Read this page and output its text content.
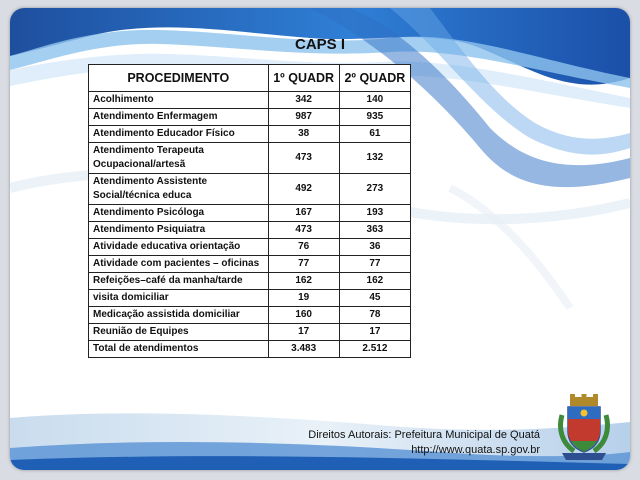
CAPS I
PROCEDIMENTO	1º QUADR	2º QUADR
Acolhimento	342	140
Atendimento Enfermagem	987	935
Atendimento Educador Físico	38	61
Atendimento Terapeuta Ocupacional/artesã	473	132
Atendimento Assistente Social/técnica educa	492	273
Atendimento Psicóloga	167	193
Atendimento Psiquiatra	473	363
Atividade educativa orientação	76	36
Atividade com pacientes – oficinas	77	77
Refeições–café da manha/tarde	162	162
visita domiciliar	19	45
Medicação assistida domiciliar	160	78
Reunião de Equipes	17	17
Total de atendimentos	3.483	2.512
Direitos Autorais: Prefeitura Municipal de Quatá
http://www.quata.sp.gov.br
